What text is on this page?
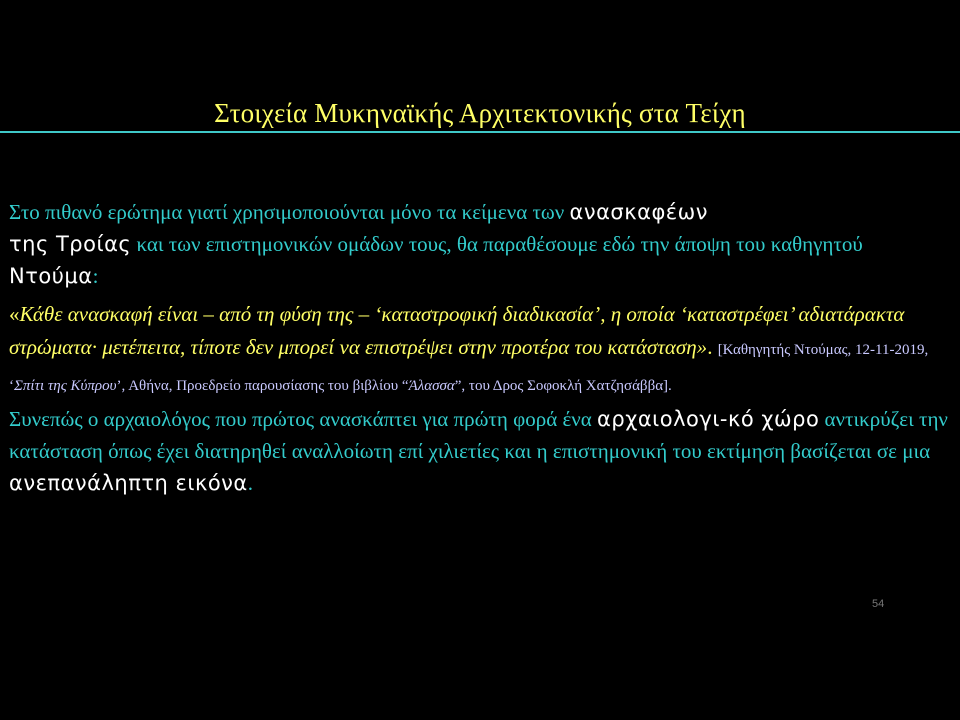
Στοιχεία Μυκηναϊκής Αρχιτεκτονικής στα Τείχη

Στο πιθανό ερώτημα γιατί χρησιμοποιούνται μόνο τα κείμενα των ανασκαφέων
της Τροίας και των επιστημονικών ομάδων τους, θα παραθέσουμε εδώ την άποψη του καθηγητού Ντούμα:

«Κάθε ανασκαφή είναι – από τη φύση της – ‘καταστροφική διαδικασία’, η οποία ‘καταστρέφει’ αδιατάρακτα στρώματα· μετέπειτα, τίποτε δεν μπορεί να επιστρέψει στην προτέρα του κατάσταση». [Καθηγητής Ντούμας, 12-11-2019, ‘Σπίτι της Κύπρου’, Αθήνα, Προεδρείο παρουσίασης του βιβλίου “Άλασσα”, του Δρος Σοφοκλή Χατζησάββα].

Συνεπώς ο αρχαιολόγος που πρώτος ανασκάπτει για πρώτη φορά ένα αρχαιολογι-κό χώρο αντικρύζει την κατάσταση όπως έχει διατηρηθεί αναλλοίωτη επί χιλιετίες και η επιστημονική του εκτίμηση βασίζεται σε μια ανεπανάληπτη εικόνα.

54
